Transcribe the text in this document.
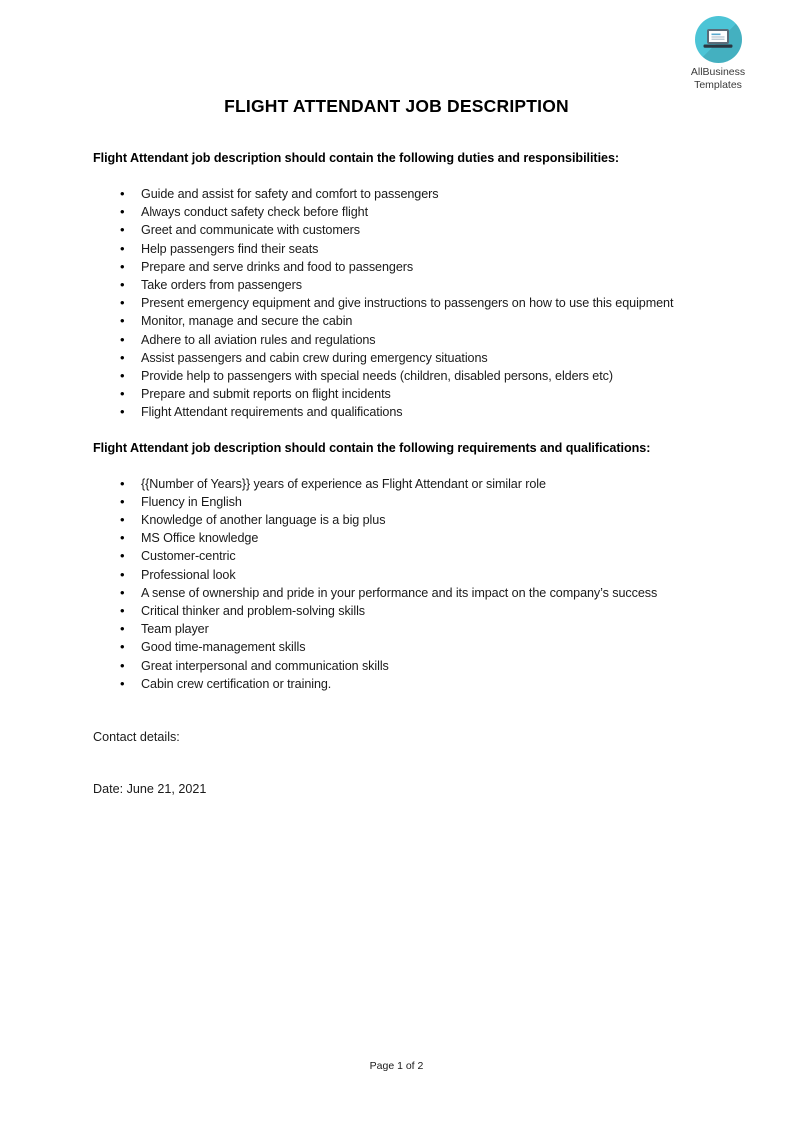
AllBusiness
Templates
FLIGHT ATTENDANT JOB DESCRIPTION
Flight Attendant job description should contain the following duties and responsibilities:
• Guide and assist for safety and comfort to passengers
• Always conduct safety check before flight
• Greet and communicate with customers
• Help passengers find their seats
• Prepare and serve drinks and food to passengers
• Take orders from passengers
• Present emergency equipment and give instructions to passengers on how to use this equipment
• Monitor, manage and secure the cabin
• Adhere to all aviation rules and regulations
• Assist passengers and cabin crew during emergency situations
• Provide help to passengers with special needs (children, disabled persons, elders etc)
• Prepare and submit reports on flight incidents
• Flight Attendant requirements and qualifications
Flight Attendant job description should contain the following requirements and qualifications:
• {{Number of Years}} years of experience as Flight Attendant or similar role
• Fluency in English
• Knowledge of another language is a big plus
• MS Office knowledge
• Customer-centric
• Professional look
• A sense of ownership and pride in your performance and its impact on the company’s success
• Critical thinker and problem-solving skills
• Team player
• Good time-management skills
• Great interpersonal and communication skills
• Cabin crew certification or training.
Contact details:
Date: June 21, 2021
Page 1 of 2
